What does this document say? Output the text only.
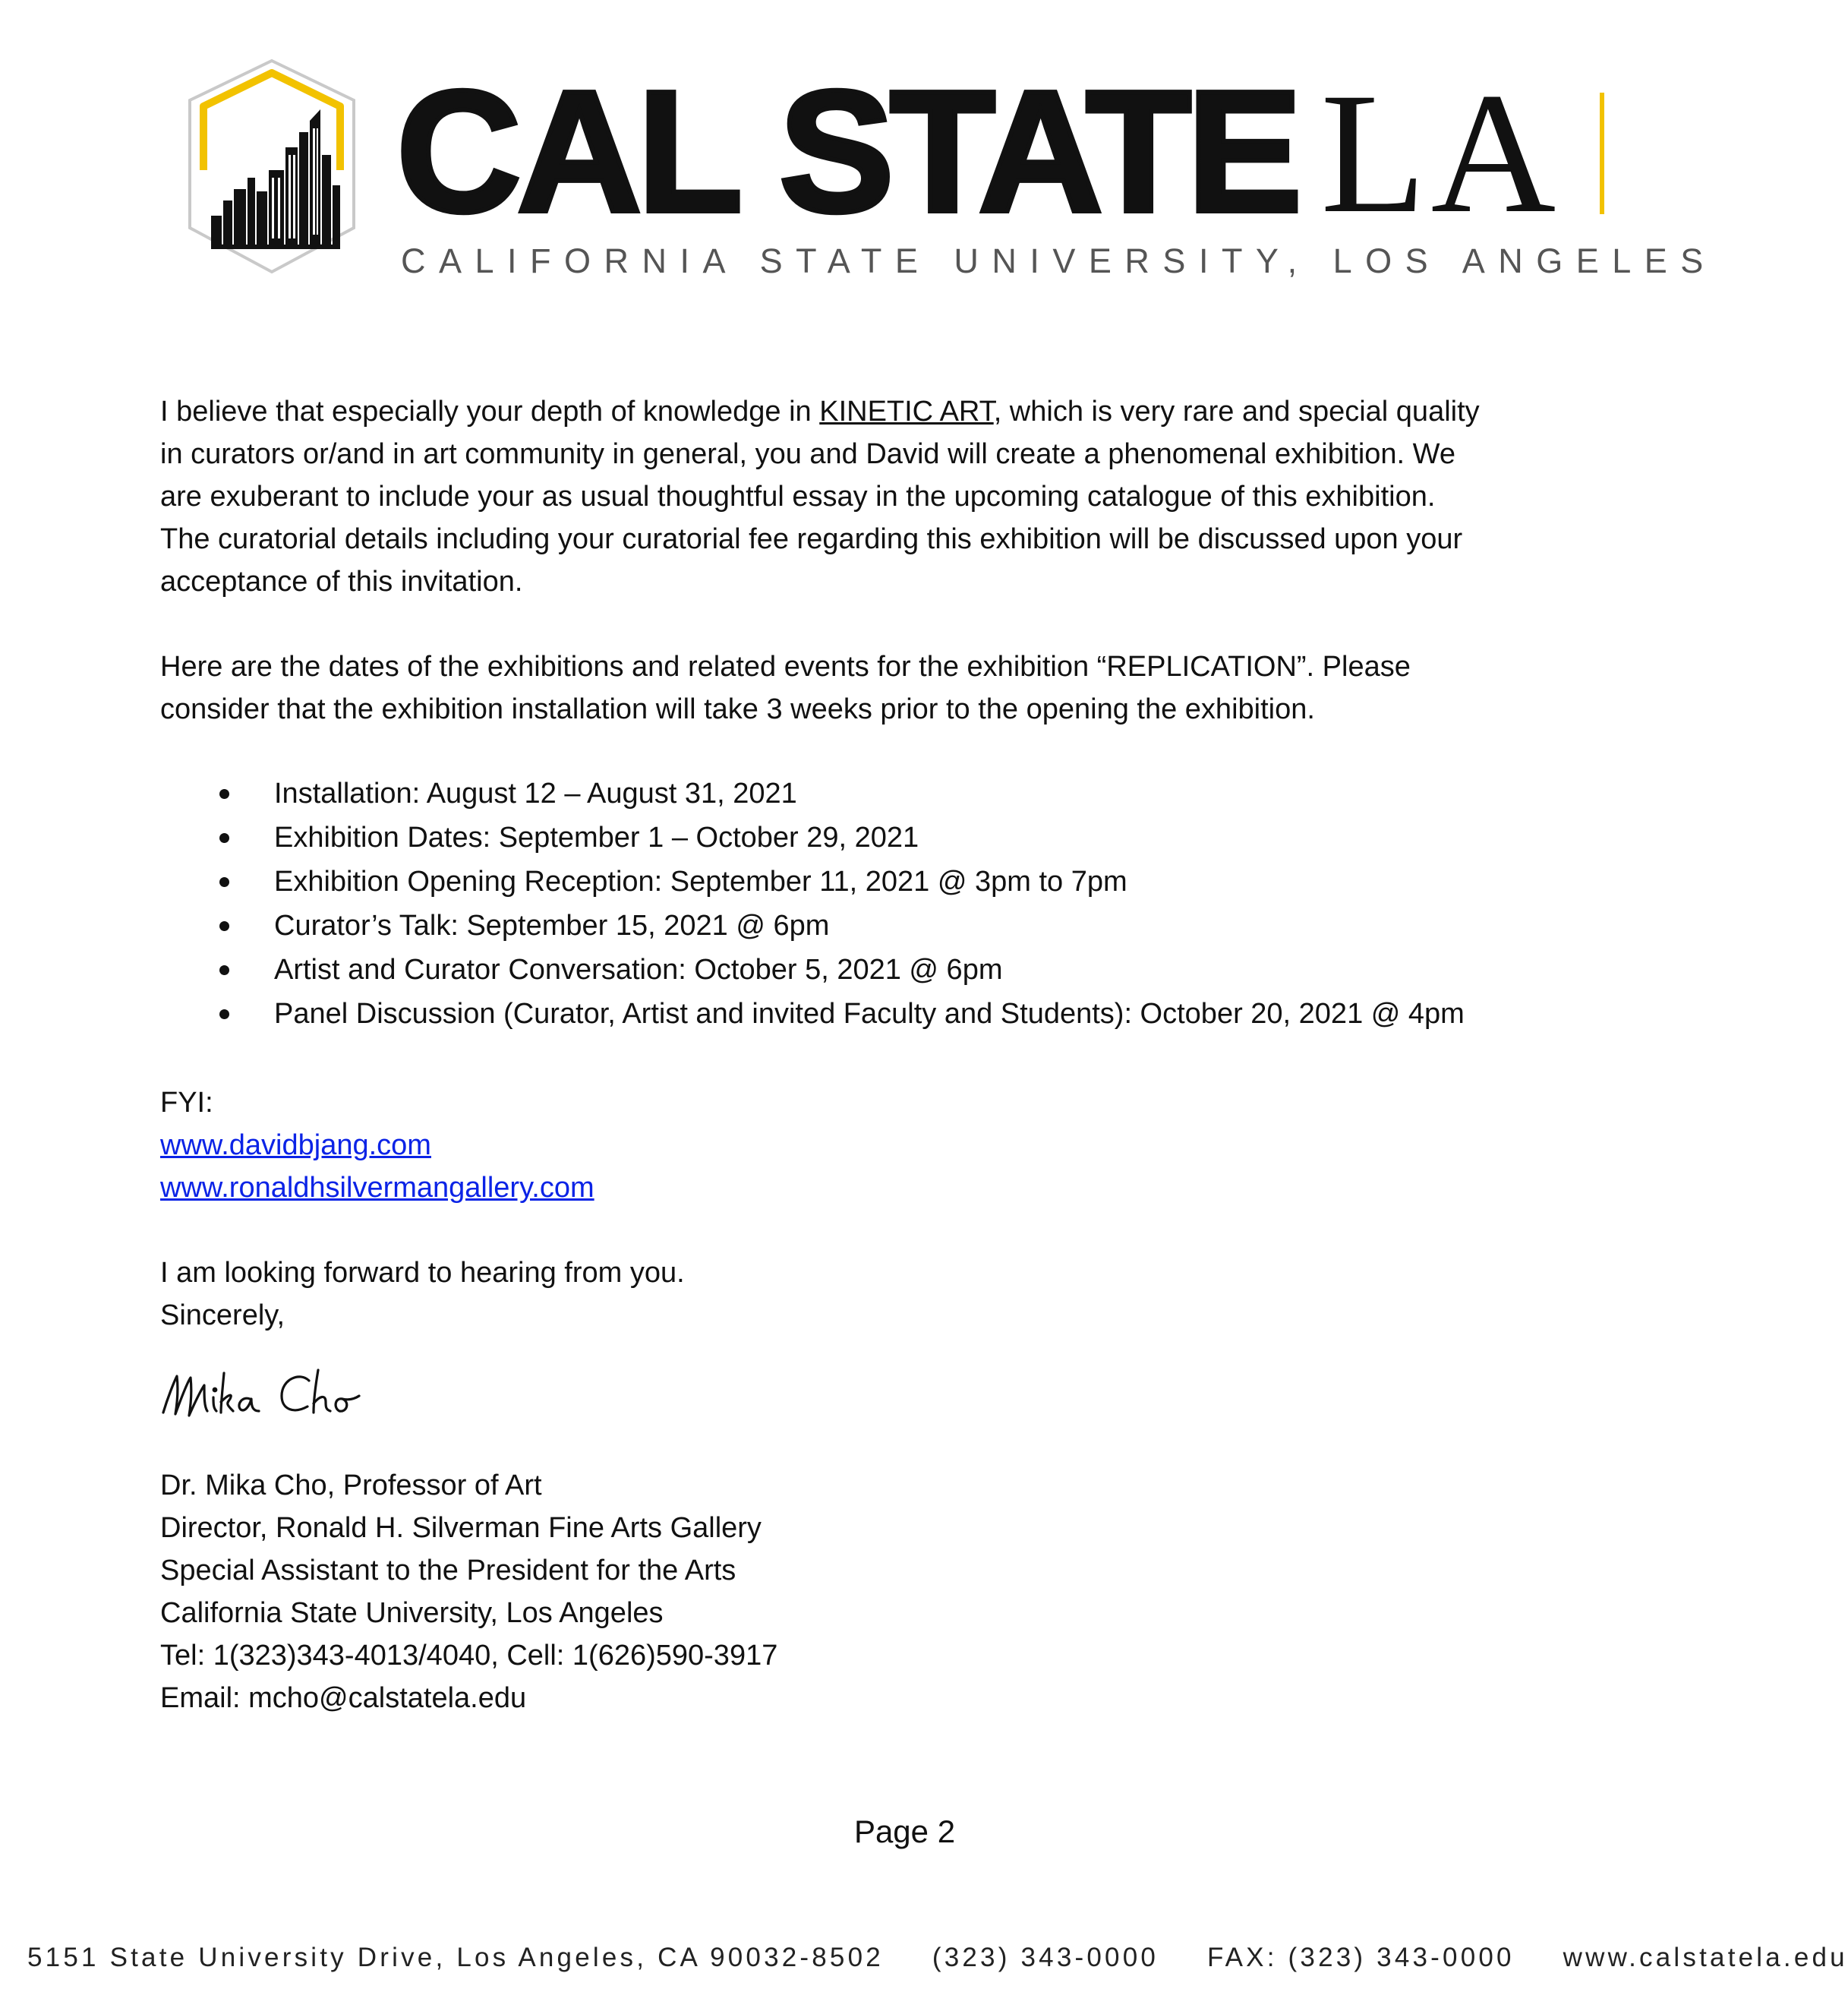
CAL STATE LA
CALIFORNIA STATE UNIVERSITY, LOS ANGELES
I believe that especially your depth of knowledge in KINETIC ART, which is very rare and special quality
in curators or/and in art community in general, you and David will create a phenomenal exhibition. We
are exuberant to include your as usual thoughtful essay in the upcoming catalogue of this exhibition.
The curatorial details including your curatorial fee regarding this exhibition will be discussed upon your
acceptance of this invitation.
Here are the dates of the exhibitions and related events for the exhibition “REPLICATION”. Please
consider that the exhibition installation will take 3 weeks prior to the opening the exhibition.
Installation: August 12 – August 31, 2021
Exhibition Dates: September 1 – October 29, 2021
Exhibition Opening Reception: September 11, 2021 @ 3pm to 7pm
Curator’s Talk: September 15, 2021 @ 6pm
Artist and Curator Conversation: October 5, 2021 @ 6pm
Panel Discussion (Curator, Artist and invited Faculty and Students): October 20, 2021 @ 4pm
FYI:
www.davidbjang.com
www.ronaldhsilvermangallery.com
I am looking forward to hearing from you.
Sincerely,
Dr. Mika Cho, Professor of Art
Director, Ronald H. Silverman Fine Arts Gallery
Special Assistant to the President for the Arts
California State University, Los Angeles
Tel: 1(323)343-4013/4040, Cell: 1(626)590-3917
Email: mcho@calstatela.edu
Page 2
5151 State University Drive, Los Angeles, CA 90032-8502 (323) 343-0000 FAX: (323) 343-0000 www.calstatela.edu
